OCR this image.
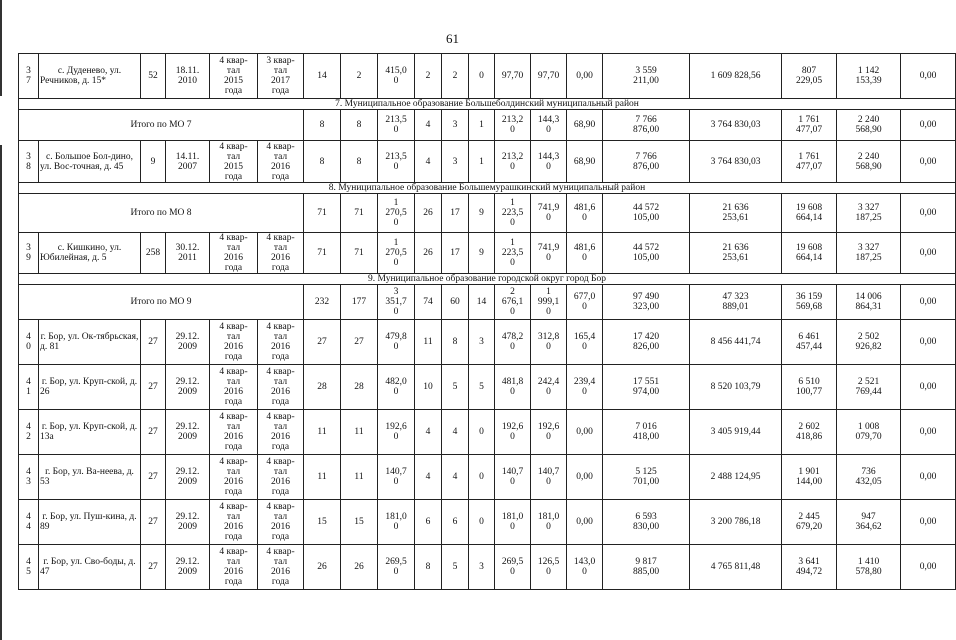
61
3
7	с. Дуденево, ул. Речников, д. 15*	52	18.11.
2010	4 квар-
тал
2015
года	3 квар-
тал
2017
года	14	2	415,0
0	2	2	0	97,70	97,70	0,00	3 559
211,00	1 609 828,56	807
229,05	1 142
153,39	0,00
7. Муниципальное образование Большеболдинский муниципальный район																			
Итого по МО 7						8	8	213,5
0	4	3	1	213,2
0	144,3
0	68,90	7 766
876,00	3 764 830,03	1 761
477,07	2 240
568,90	0,00
3
8	с. Большое Бол-дино, ул. Вос-точная, д. 45	9	14.11.
2007	4 квар-
тал
2015
года	4 квар-
тал
2016
года	8	8	213,5
0	4	3	1	213,2
0	144,3
0	68,90	7 766
876,00	3 764 830,03	1 761
477,07	2 240
568,90	0,00
8. Муниципальное образование Большемурашкинский муниципальный район																			
Итого по МО 8						71	71	1
270,5
0	26	17	9	1
223,5
0	741,9
0	481,6
0	44 572
105,00	21 636
253,61	19 608
664,14	3 327
187,25	0,00
3
9	с. Кишкино, ул. Юбилейная, д. 5	258	30.12.
2011	4 квар-
тал
2016
года	4 квар-
тал
2016
года	71	71	1
270,5
0	26	17	9	1
223,5
0	741,9
0	481,6
0	44 572
105,00	21 636
253,61	19 608
664,14	3 327
187,25	0,00
9. Муниципальное образование городской округ город Бор																			
Итого по МО 9						232	177	3
351,7
0	74	60	14	2
676,1
0	1
999,1
0	677,0
0	97 490
323,00	47 323
889,01	36 159
569,68	14 006
864,31	0,00
4
0	г. Бор, ул. Ок-тябрьская, д. 81	27	29.12.
2009	4 квар-
тал
2016
года	4 квар-
тал
2016
года	27	27	479,8
0	11	8	3	478,2
0	312,8
0	165,4
0	17 420
826,00	8 456 441,74	6 461
457,44	2 502
926,82	0,00
4
1	г. Бор, ул. Круп-ской, д. 26	27	29.12.
2009	4 квар-
тал
2016
года	4 квар-
тал
2016
года	28	28	482,0
0	10	5	5	481,8
0	242,4
0	239,4
0	17 551
974,00	8 520 103,79	6 510
100,77	2 521
769,44	0,00
4
2	г. Бор, ул. Круп-ской, д. 13а	27	29.12.
2009	4 квар-
тал
2016
года	4 квар-
тал
2016
года	11	11	192,6
0	4	4	0	192,6
0	192,6
0	0,00	7 016
418,00	3 405 919,44	2 602
418,86	1 008
079,70	0,00
4
3	г. Бор, ул. Ва-неева, д. 53	27	29.12.
2009	4 квар-
тал
2016
года	4 квар-
тал
2016
года	11	11	140,7
0	4	4	0	140,7
0	140,7
0	0,00	5 125
701,00	2 488 124,95	1 901
144,00	736
432,05	0,00
4
4	г. Бор, ул. Пуш-кина, д. 89	27	29.12.
2009	4 квар-
тал
2016
года	4 квар-
тал
2016
года	15	15	181,0
0	6	6	0	181,0
0	181,0
0	0,00	6 593
830,00	3 200 786,18	2 445
679,20	947
364,62	0,00
4
5	г. Бор, ул. Сво-боды, д. 47	27	29.12.
2009	4 квар-
тал
2016
года	4 квар-
тал
2016
года	26	26	269,5
0	8	5	3	269,5
0	126,5
0	143,0
0	9 817
885,00	4 765 811,48	3 641
494,72	1 410
578,80	0,00
